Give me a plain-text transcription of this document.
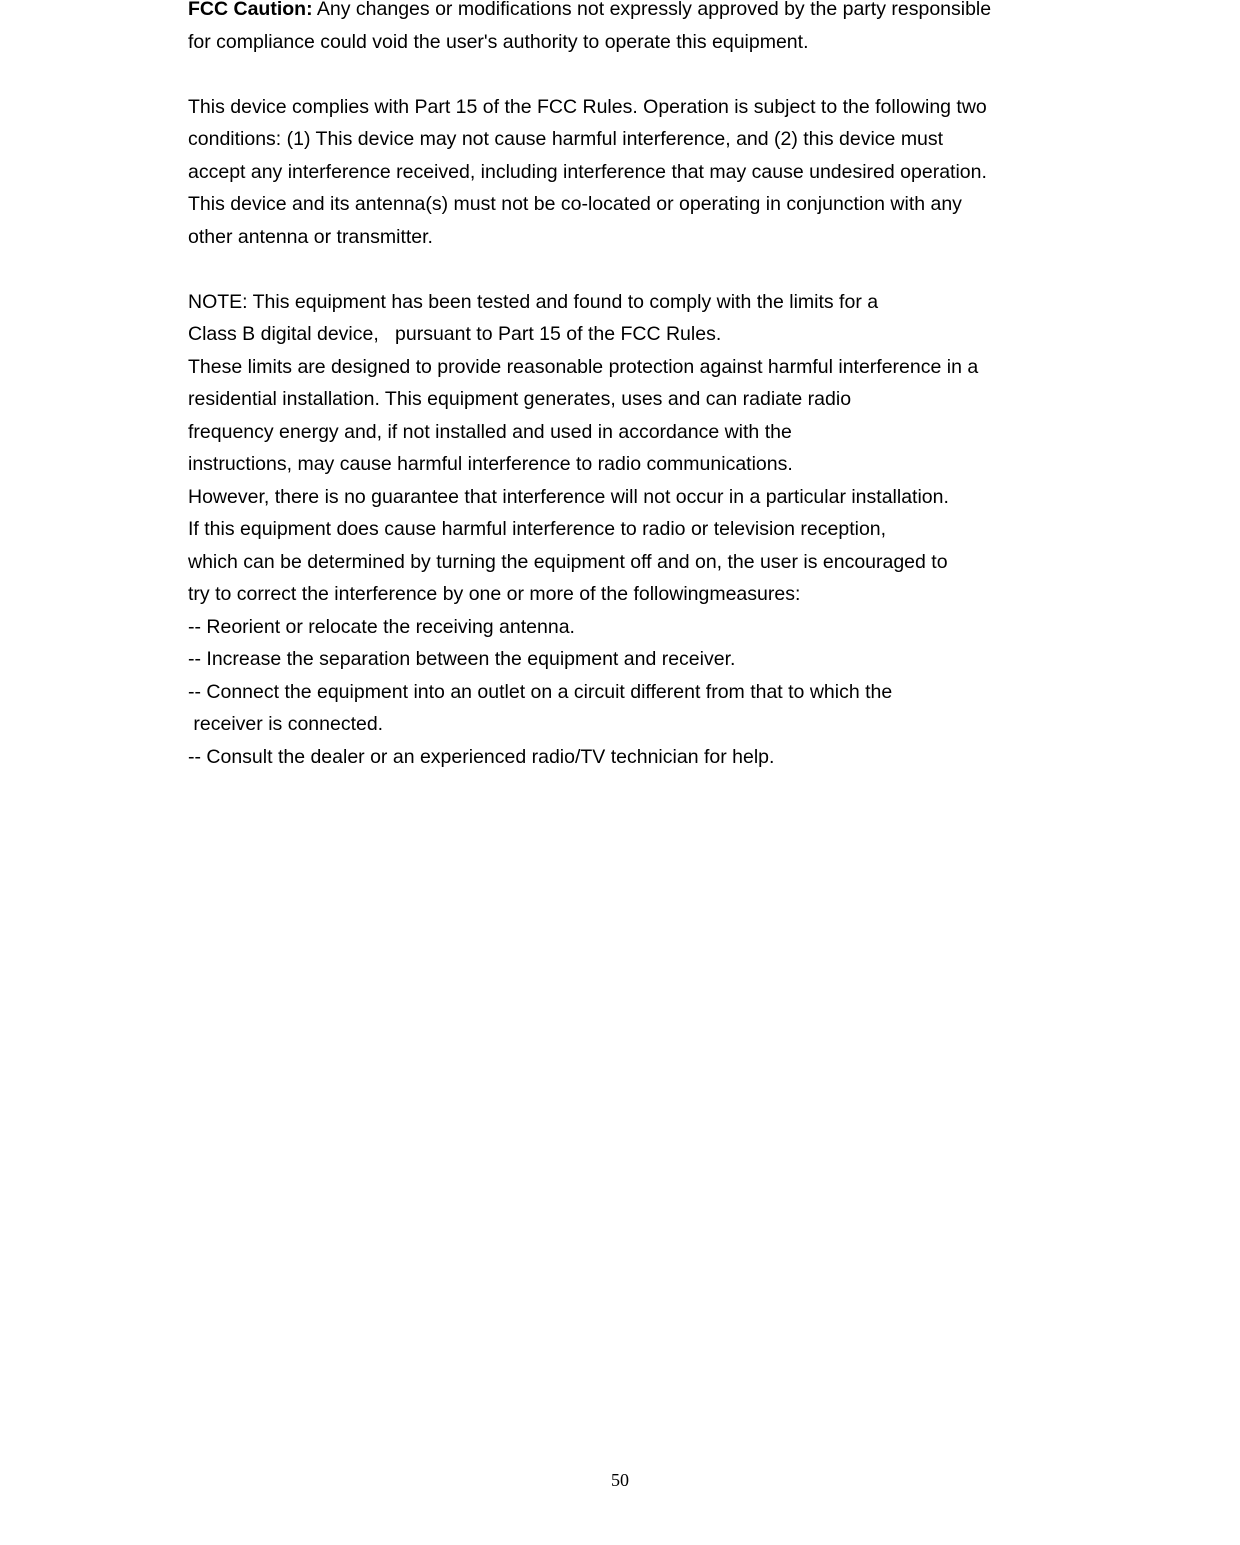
FCC Caution: Any changes or modifications not expressly approved by the party responsible
for compliance could void the user's authority to operate this equipment.
This device complies with Part 15 of the FCC Rules. Operation is subject to the following two
conditions: (1) This device may not cause harmful interference, and (2) this device must
accept any interference received, including interference that may cause undesired operation.
This device and its antenna(s) must not be co-located or operating in conjunction with any
other antenna or transmitter.
NOTE: This equipment has been tested and found to comply with the limits for a
Class B digital device,   pursuant to Part 15 of the FCC Rules.
These limits are designed to provide reasonable protection against harmful interference in a
residential installation. This equipment generates, uses and can radiate radio
frequency energy and, if not installed and used in accordance with the
instructions, may cause harmful interference to radio communications.
However, there is no guarantee that interference will not occur in a particular installation.
If this equipment does cause harmful interference to radio or television reception,
which can be determined by turning the equipment off and on, the user is encouraged to
try to correct the interference by one or more of the followingmeasures:
-- Reorient or relocate the receiving antenna.
-- Increase the separation between the equipment and receiver.
-- Connect the equipment into an outlet on a circuit different from that to which the
receiver is connected.
-- Consult the dealer or an experienced radio/TV technician for help.
50
